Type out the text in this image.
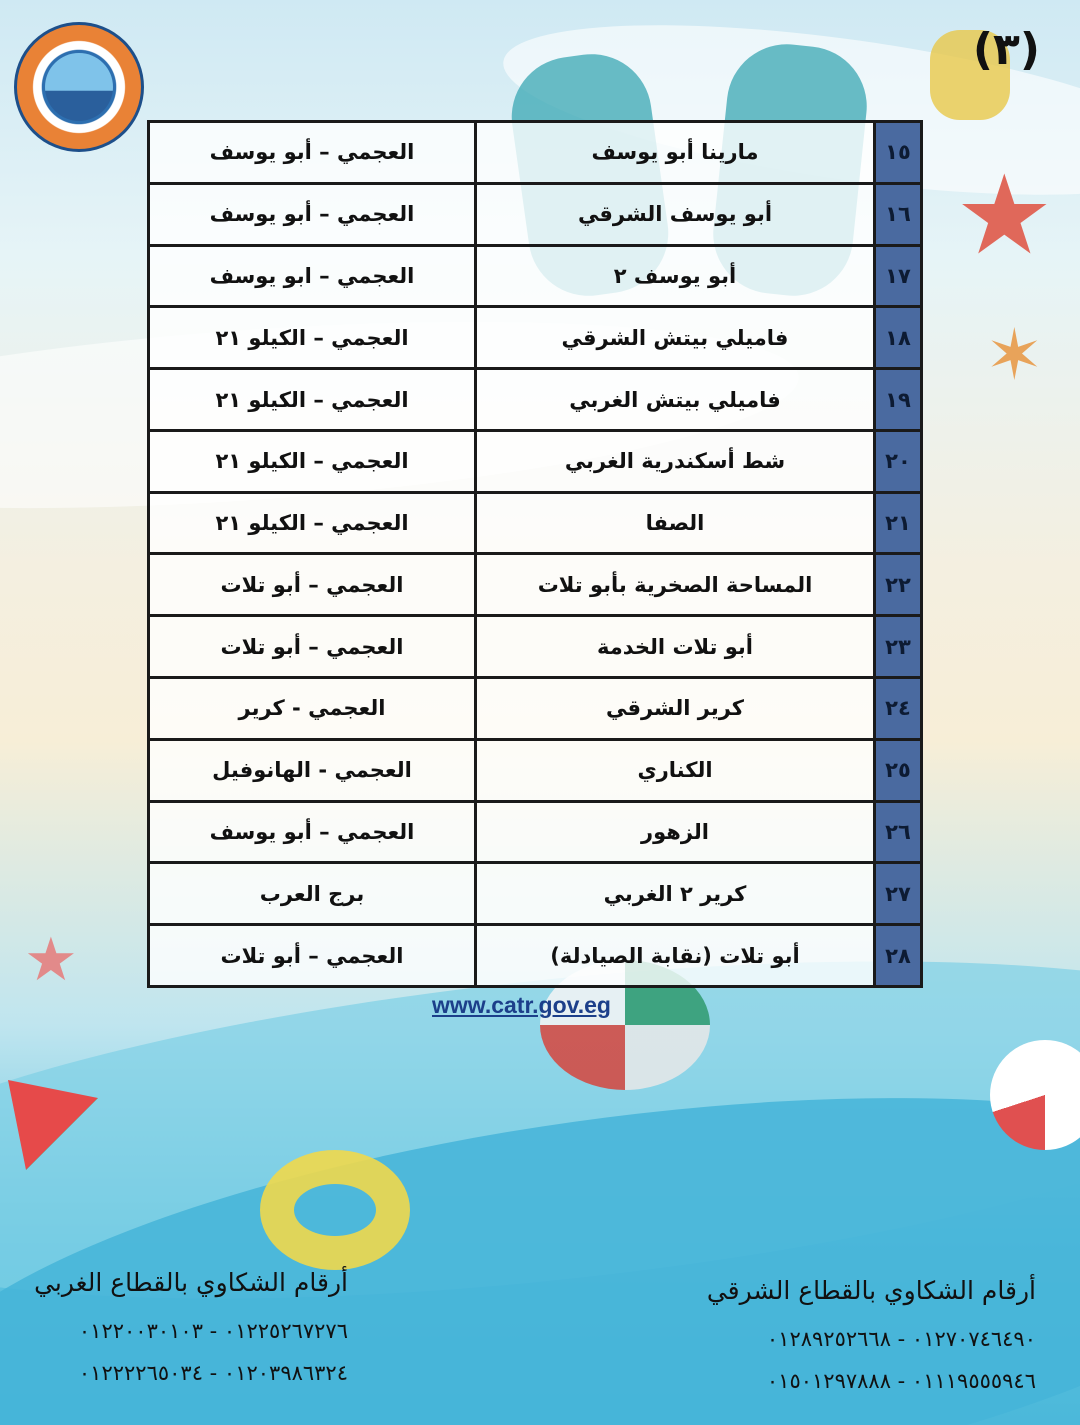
★
✶
★
(٣)
١٥	مارينا أبو يوسف	العجمي – أبو يوسف
١٦	أبو يوسف الشرقي	العجمي – أبو يوسف
١٧	أبو يوسف ٢	العجمي – ابو يوسف
١٨	فاميلي بيتش الشرقي	العجمي – الكيلو ٢١
١٩	فاميلي بيتش الغربي	العجمي – الكيلو ٢١
٢٠	شط أسكندرية الغربي	العجمي – الكيلو ٢١
٢١	الصفا	العجمي – الكيلو ٢١
٢٢	المساحة الصخرية بأبو تلات	العجمي – أبو تلات
٢٣	أبو تلات الخدمة	العجمي – أبو تلات
٢٤	كرير الشرقي	العجمي - كرير
٢٥	الكناري	العجمي - الهانوفيل
٢٦	الزهور	العجمي – أبو يوسف
٢٧	كرير ٢ الغربي	برج العرب
٢٨	أبو تلات (نقابة الصيادلة)	العجمي – أبو تلات
www.catr.gov.eg
أرقام الشكاوي بالقطاع الشرقي
٠١٢٧٠٧٤٦٤٩٠ - ٠١٢٨٩٢٥٢٦٦٨
٠١١١٩٥٥٥٩٤٦ - ٠١٥٠١٢٩٧٨٨٨
أرقام الشكاوي بالقطاع الغربي
٠١٢٢٥٢٦٧٢٧٦ - ٠١٢٢٠٠٣٠١٠٣
٠١٢٠٣٩٨٦٣٢٤ - ٠١٢٢٢٢٦٥٠٣٤
